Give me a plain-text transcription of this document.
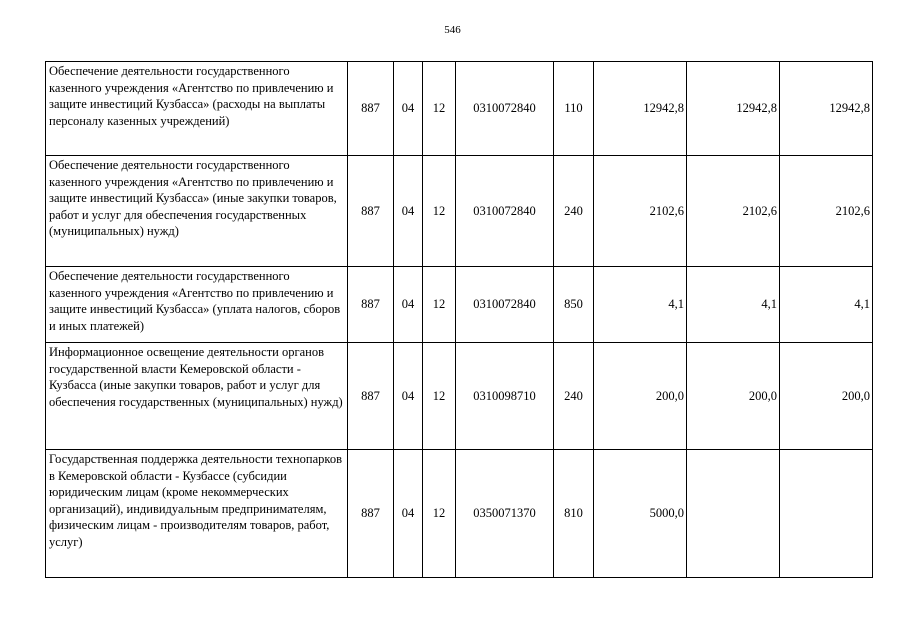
546
Обеспечение деятельности государственного казенного учреждения «Агентство по привлечению и защите инвестиций Кузбасса» (расходы на выплаты персоналу казенных учреждений)	887	04	12	0310072840	110	12942,8	12942,8	12942,8
Обеспечение деятельности государственного казенного учреждения «Агентство по привлечению и защите инвестиций Кузбасса» (иные закупки товаров, работ и услуг для обеспечения государственных (муниципальных) нужд)	887	04	12	0310072840	240	2102,6	2102,6	2102,6
Обеспечение деятельности государственного казенного учреждения «Агентство по привлечению и защите инвестиций Кузбасса» (уплата налогов, сборов и иных платежей)	887	04	12	0310072840	850	4,1	4,1	4,1
Информационное освещение деятельности органов государственной власти Кемеровской области - Кузбасса (иные закупки товаров, работ и услуг для обеспечения государственных (муниципальных) нужд)	887	04	12	0310098710	240	200,0	200,0	200,0
Государственная поддержка деятельности технопарков в Кемеровской области - Кузбассе (субсидии юридическим лицам (кроме некоммерческих организаций), индивидуальным предпринимателям, физическим лицам - производителям товаров, работ, услуг)	887	04	12	0350071370	810	5000,0		
